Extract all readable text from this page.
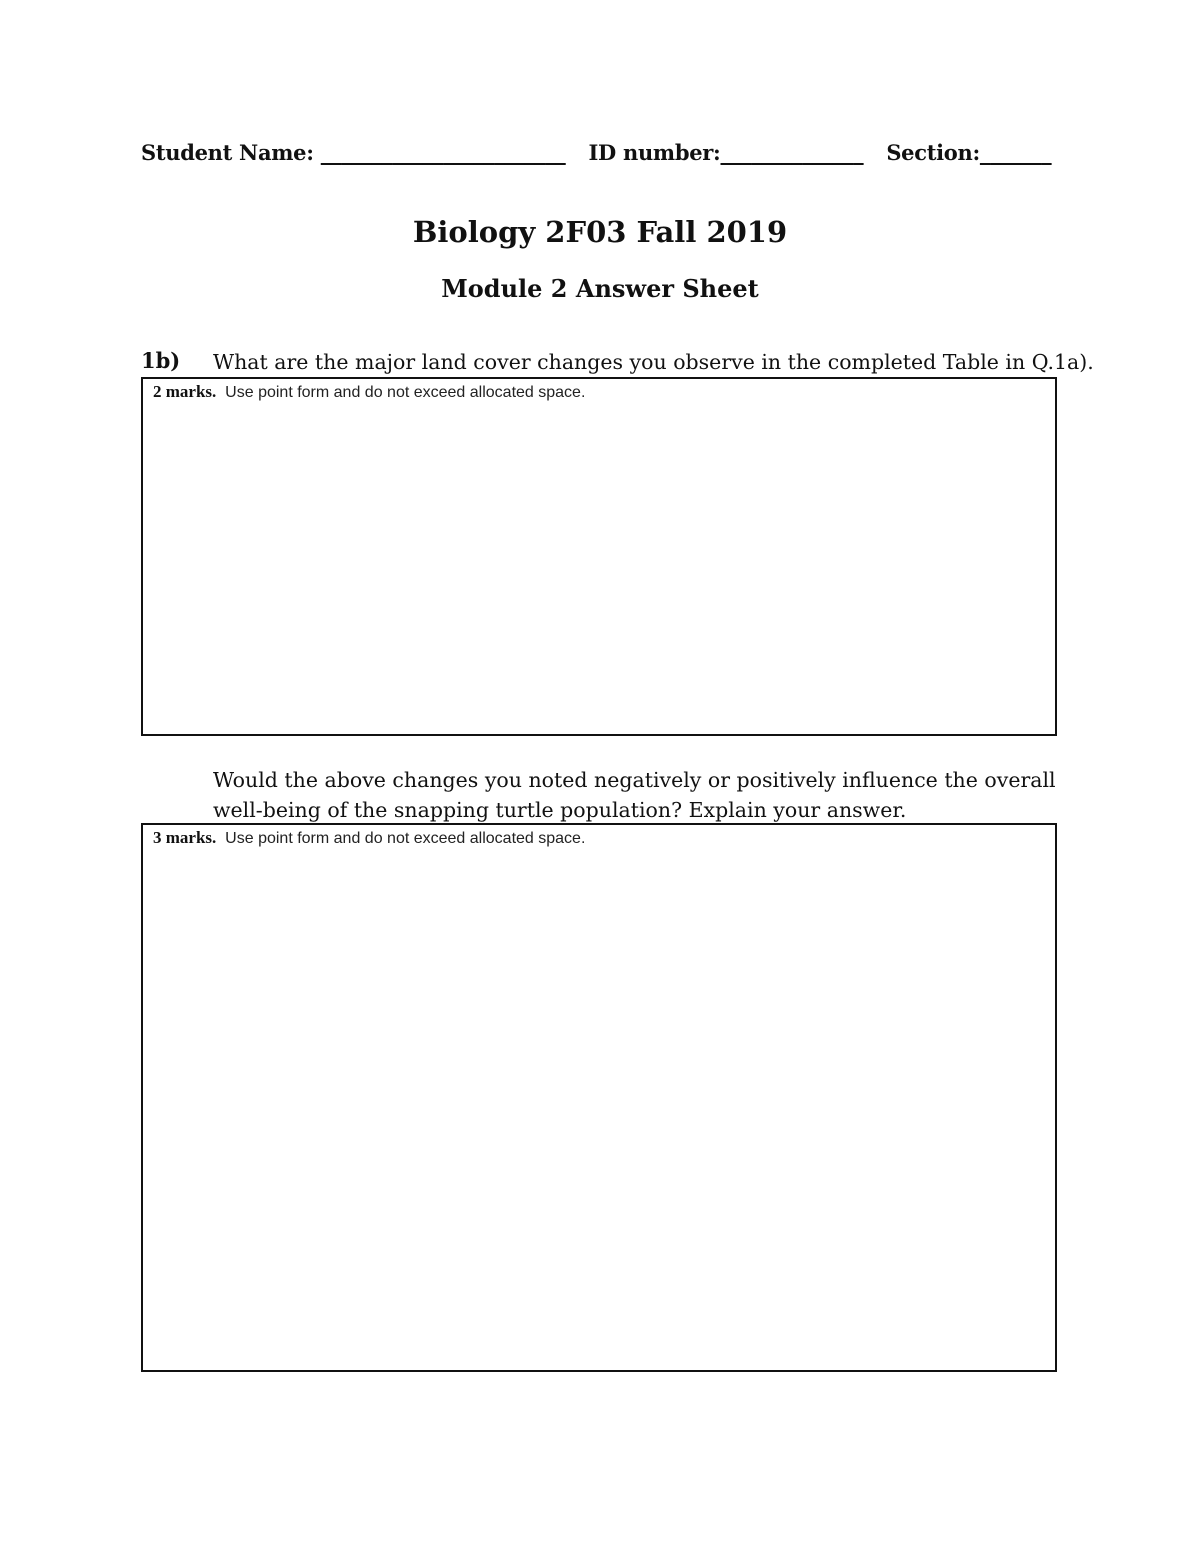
Student Name: ________________________ ID number:______________ Section:_______
Biology 2F03 Fall 2019
Module 2 Answer Sheet
1b) What are the major land cover changes you observe in the completed Table in Q.1a).
2 marks. Use point form and do not exceed allocated space.
Would the above changes you noted negatively or positively influence the overall
well-being of the snapping turtle population? Explain your answer.
3 marks. Use point form and do not exceed allocated space.
